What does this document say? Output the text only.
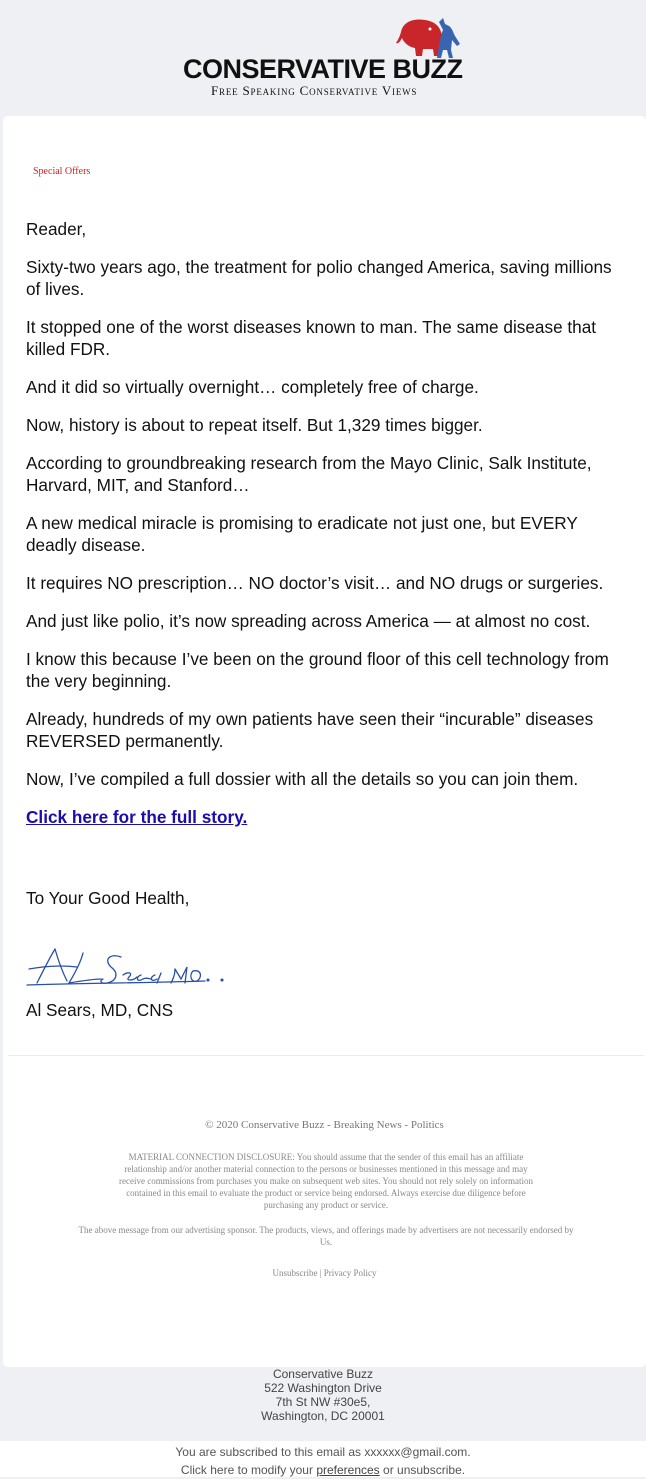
CONSERVATIVE BUZZ
Free Speaking Conservative Views
Special Offers

Reader,

Sixty-two years ago, the treatment for polio changed America, saving millions of lives.

It stopped one of the worst diseases known to man. The same disease that killed FDR.

And it did so virtually overnight… completely free of charge.

Now, history is about to repeat itself. But 1,329 times bigger.

According to groundbreaking research from the Mayo Clinic, Salk Institute, Harvard, MIT, and Stanford…

A new medical miracle is promising to eradicate not just one, but EVERY deadly disease.

It requires NO prescription… NO doctor’s visit… and NO drugs or surgeries.

And just like polio, it’s now spreading across America — at almost no cost.

I know this because I’ve been on the ground floor of this cell technology from the very beginning.

Already, hundreds of my own patients have seen their “incurable” diseases REVERSED permanently.

Now, I’ve compiled a full dossier with all the details so you can join them.

Click here for the full story.

To Your Good Health,
Al Sears, MD, CNS
© 2020 Conservative Buzz - Breaking News - Politics
MATERIAL CONNECTION DISCLOSURE: You should assume that the sender of this email has an affiliate relationship and/or another material connection to the persons or businesses mentioned in this message and may receive commissions from purchases you make on subsequent web sites. You should not rely solely on information contained in this email to evaluate the product or service being endorsed. Always exercise due diligence before purchasing any product or service.
The above message from our advertising sponsor. The products, views, and offerings made by advertisers are not necessarily endorsed by Us.
Unsubscribe | Privacy Policy
Conservative Buzz
522 Washington Drive
7th St NW #30e5,
Washington, DC 20001
You are subscribed to this email as xxxxxx@gmail.com.
Click here to modify your preferences or unsubscribe.
